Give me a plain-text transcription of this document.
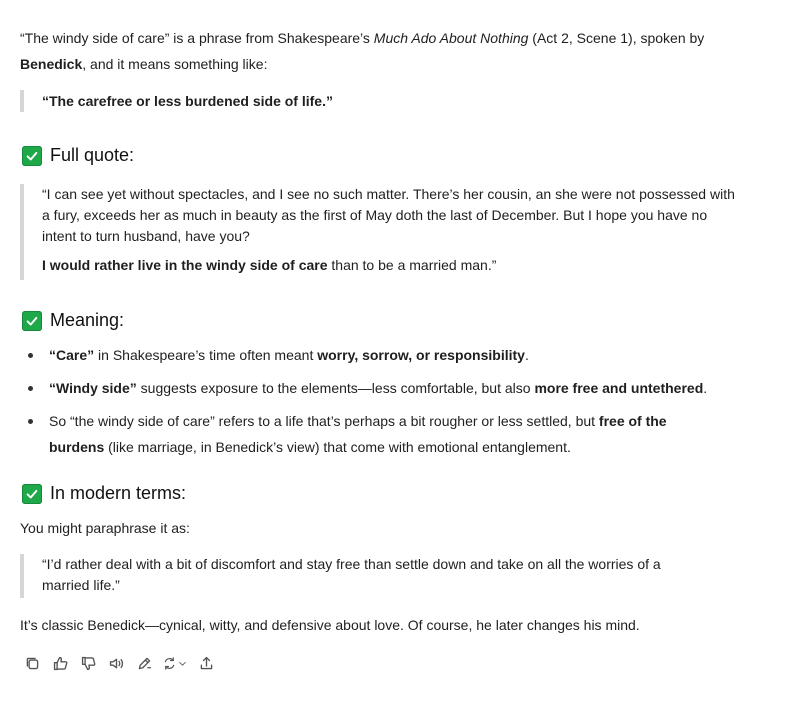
“The windy side of care” is a phrase from Shakespeare’s Much Ado About Nothing (Act 2, Scene 1), spoken by Benedick, and it means something like:

“The carefree or less burdened side of life.”

Full quote:

“I can see yet without spectacles, and I see no such matter. There’s her cousin, an she were not possessed with a fury, exceeds her as much in beauty as the first of May doth the last of December. But I hope you have no intent to turn husband, have you?

I would rather live in the windy side of care than to be a married man.”

Meaning:
“Care” in Shakespeare’s time often meant worry, sorrow, or responsibility.
“Windy side” suggests exposure to the elements—less comfortable, but also more free and untethered.
So “the windy side of care” refers to a life that’s perhaps a bit rougher or less settled, but free of the burdens (like marriage, in Benedick’s view) that come with emotional entanglement.
In modern terms:

You might paraphrase it as:

“I’d rather deal with a bit of discomfort and stay free than settle down and take on all the worries of a married life.”

It’s classic Benedick—cynical, witty, and defensive about love. Of course, he later changes his mind.
